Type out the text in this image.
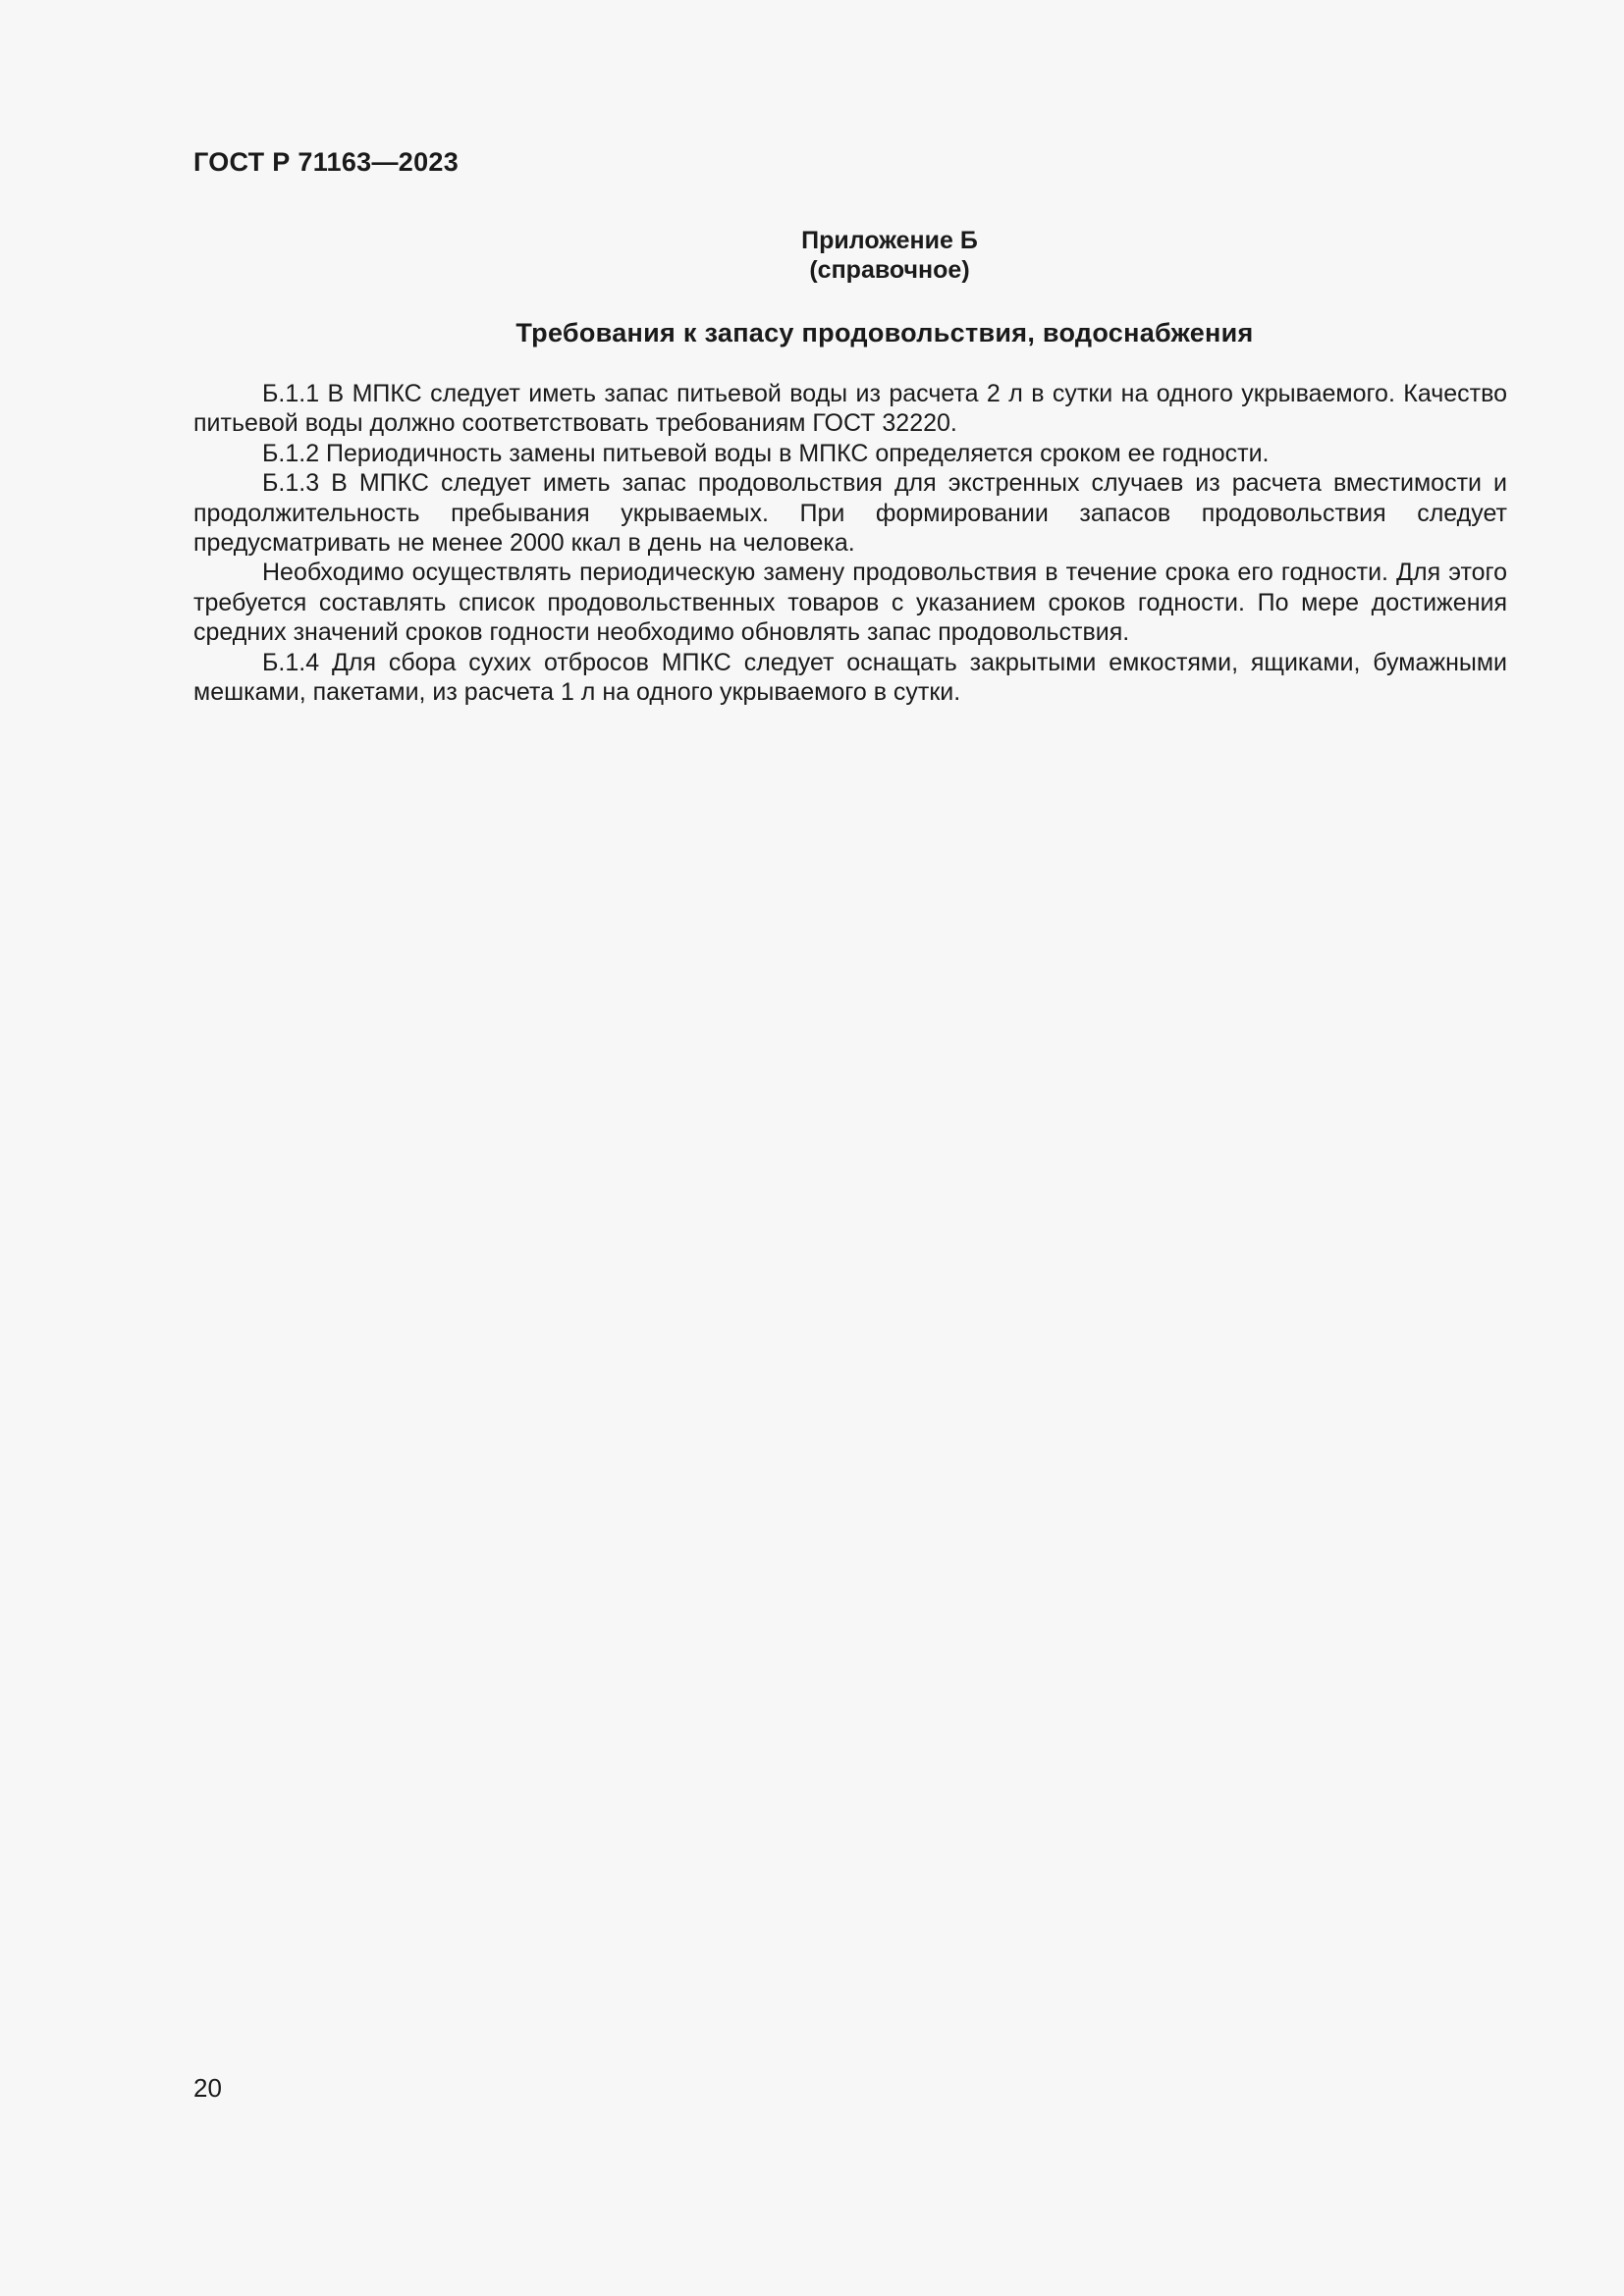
ГОСТ Р 71163—2023
Приложение Б
(справочное)
Требования к запасу продовольствия, водоснабжения

Б.1.1 В МПКС следует иметь запас питьевой воды из расчета 2 л в сутки на одного укрываемого. Качество питьевой воды должно соответствовать требованиям ГОСТ 32220.

Б.1.2 Периодичность замены питьевой воды в МПКС определяется сроком ее годности.

Б.1.3 В МПКС следует иметь запас продовольствия для экстренных случаев из расчета вместимости и продолжительность пребывания укрываемых. При формировании запасов продовольствия следует предусматривать не менее 2000 ккал в день на человека.

Необходимо осуществлять периодическую замену продовольствия в течение срока его годности. Для этого требуется составлять список продовольственных товаров с указанием сроков годности. По мере достижения средних значений сроков годности необходимо обновлять запас продовольствия.

Б.1.4 Для сбора сухих отбросов МПКС следует оснащать закрытыми емкостями, ящиками, бумажными мешками, пакетами, из расчета 1 л на одного укрываемого в сутки.

20
